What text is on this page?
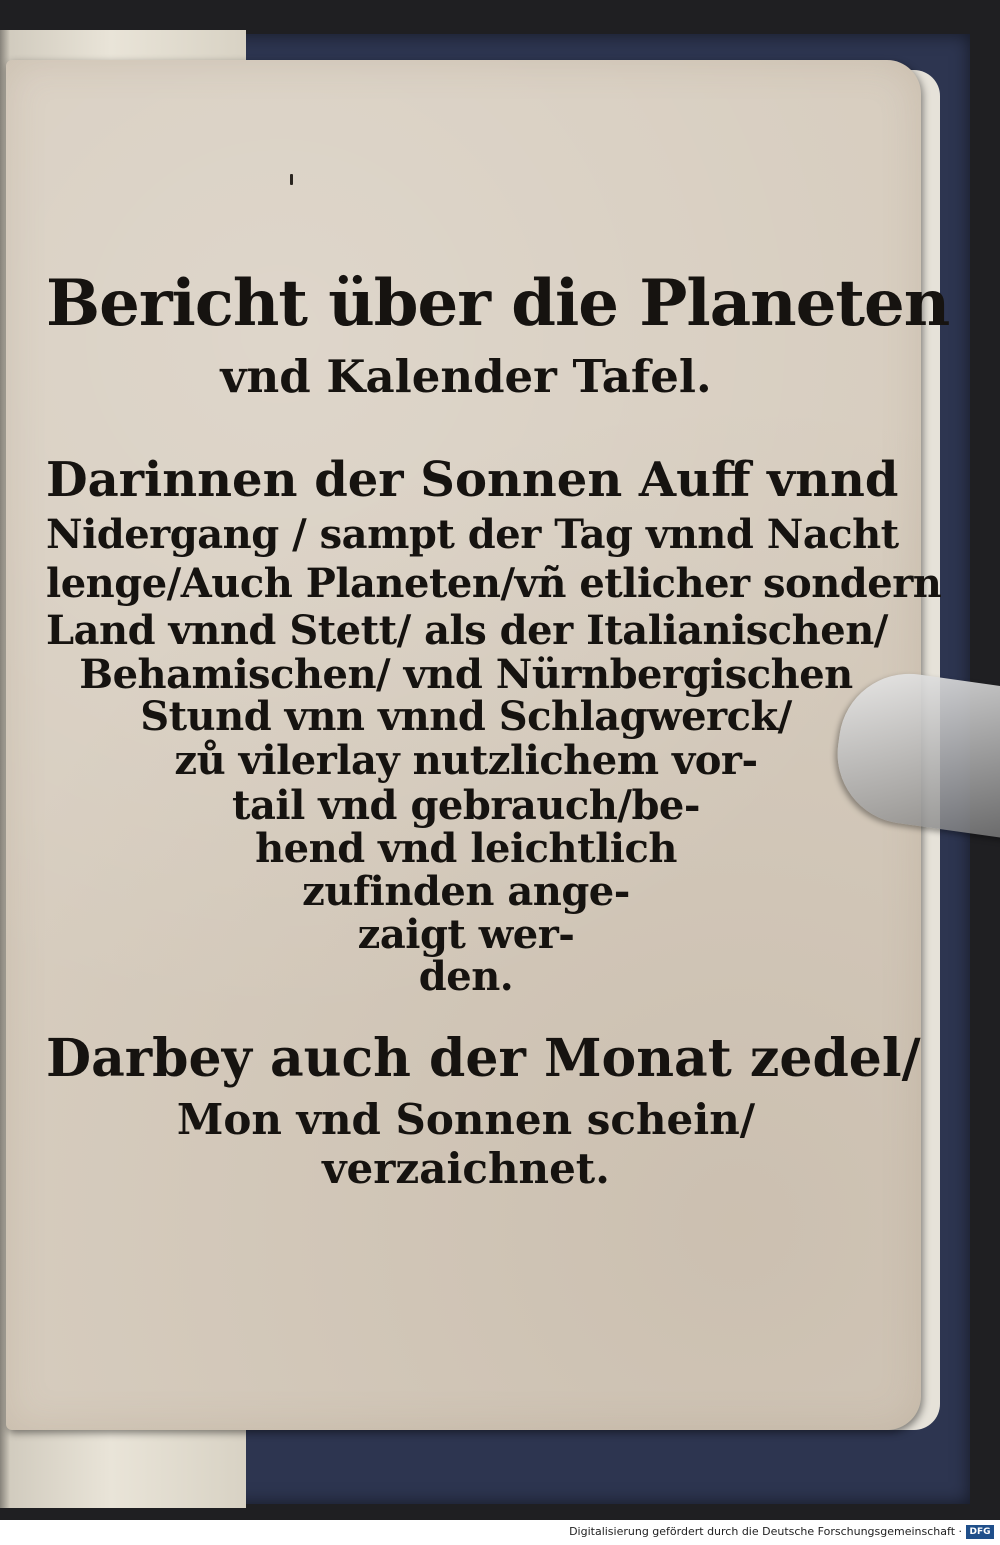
Bericht über die Planeten
vnd Kalender Tafel.
Darinnen der Sonnen Auff vnnd
Nidergang / sampt der Tag vnnd Nacht
lenge/Auch Planeten/vñ etlicher sondern
Land vnnd Stett/ als der Italianischen/
Behamischen/ vnd Nürnbergischen
Stund vnn vnnd Schlagwerck/
zů vilerlay nutzlichem vor-
tail vnd gebrauch/be-
hend vnd leichtlich
zufinden ange-
zaigt wer-
den.
Darbey auch der Monat zedel/
Mon vnd Sonnen schein/
verzaichnet.
Digitalisierung gefördert durch die Deutsche Forschungsgemeinschaft · DFG
